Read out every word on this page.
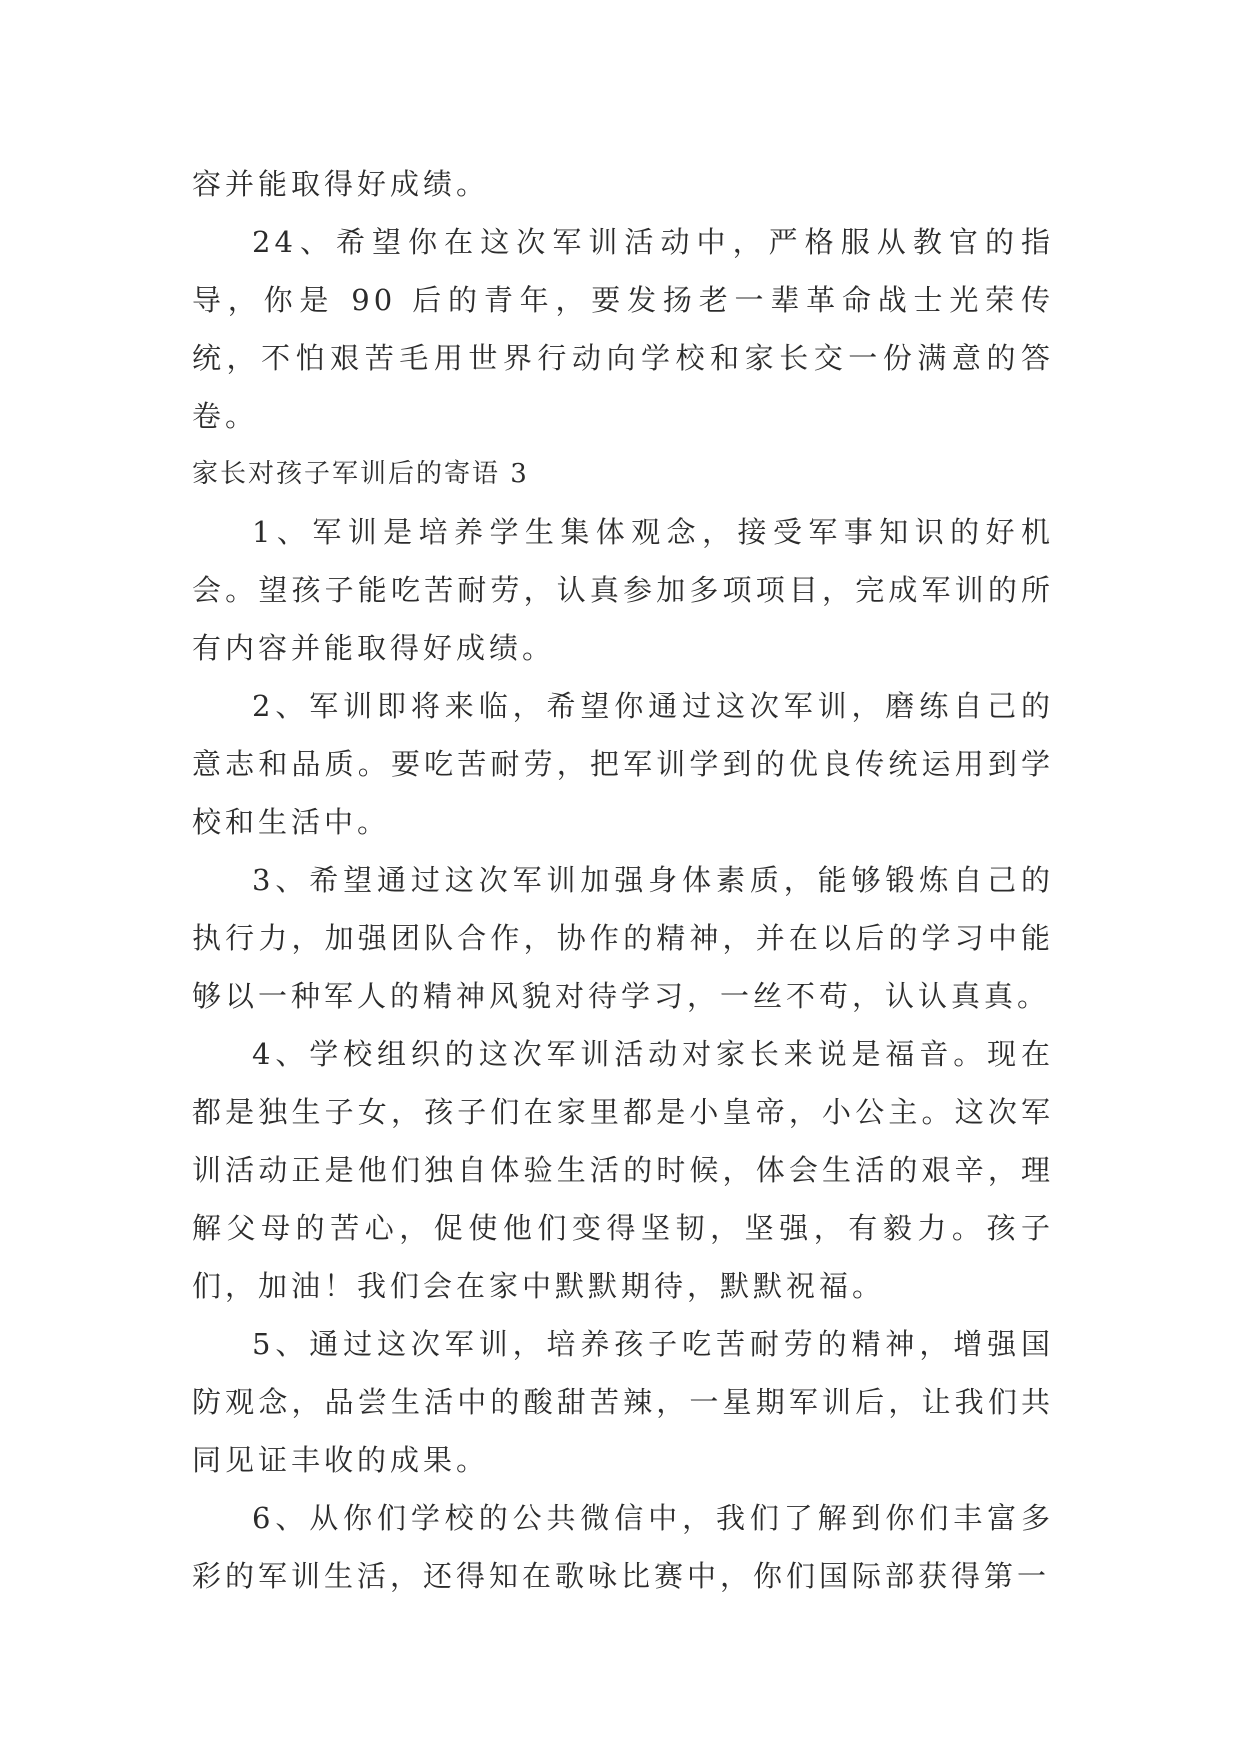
容并能取得好成绩。

24、希望你在这次军训活动中，严格服从教官的指导，你是 90 后的青年，要发扬老一辈革命战士光荣传统，不怕艰苦毛用世界行动向学校和家长交一份满意的答卷。

家长对孩子军训后的寄语 3

1、军训是培养学生集体观念，接受军事知识的好机会。望孩子能吃苦耐劳，认真参加多项项目，完成军训的所有内容并能取得好成绩。

2、军训即将来临，希望你通过这次军训，磨练自己的意志和品质。要吃苦耐劳，把军训学到的优良传统运用到学校和生活中。

3、希望通过这次军训加强身体素质，能够锻炼自己的执行力，加强团队合作，协作的精神，并在以后的学习中能够以一种军人的精神风貌对待学习，一丝不苟，认认真真。

4、学校组织的这次军训活动对家长来说是福音。现在都是独生子女，孩子们在家里都是小皇帝，小公主。这次军训活动正是他们独自体验生活的时候，体会生活的艰辛，理解父母的苦心，促使他们变得坚韧，坚强，有毅力。孩子们，加油！我们会在家中默默期待，默默祝福。

5、通过这次军训，培养孩子吃苦耐劳的精神，增强国防观念，品尝生活中的酸甜苦辣，一星期军训后，让我们共同见证丰收的成果。

6、从你们学校的公共微信中，我们了解到你们丰富多彩的军训生活，还得知在歌咏比赛中，你们国际部获得第一
